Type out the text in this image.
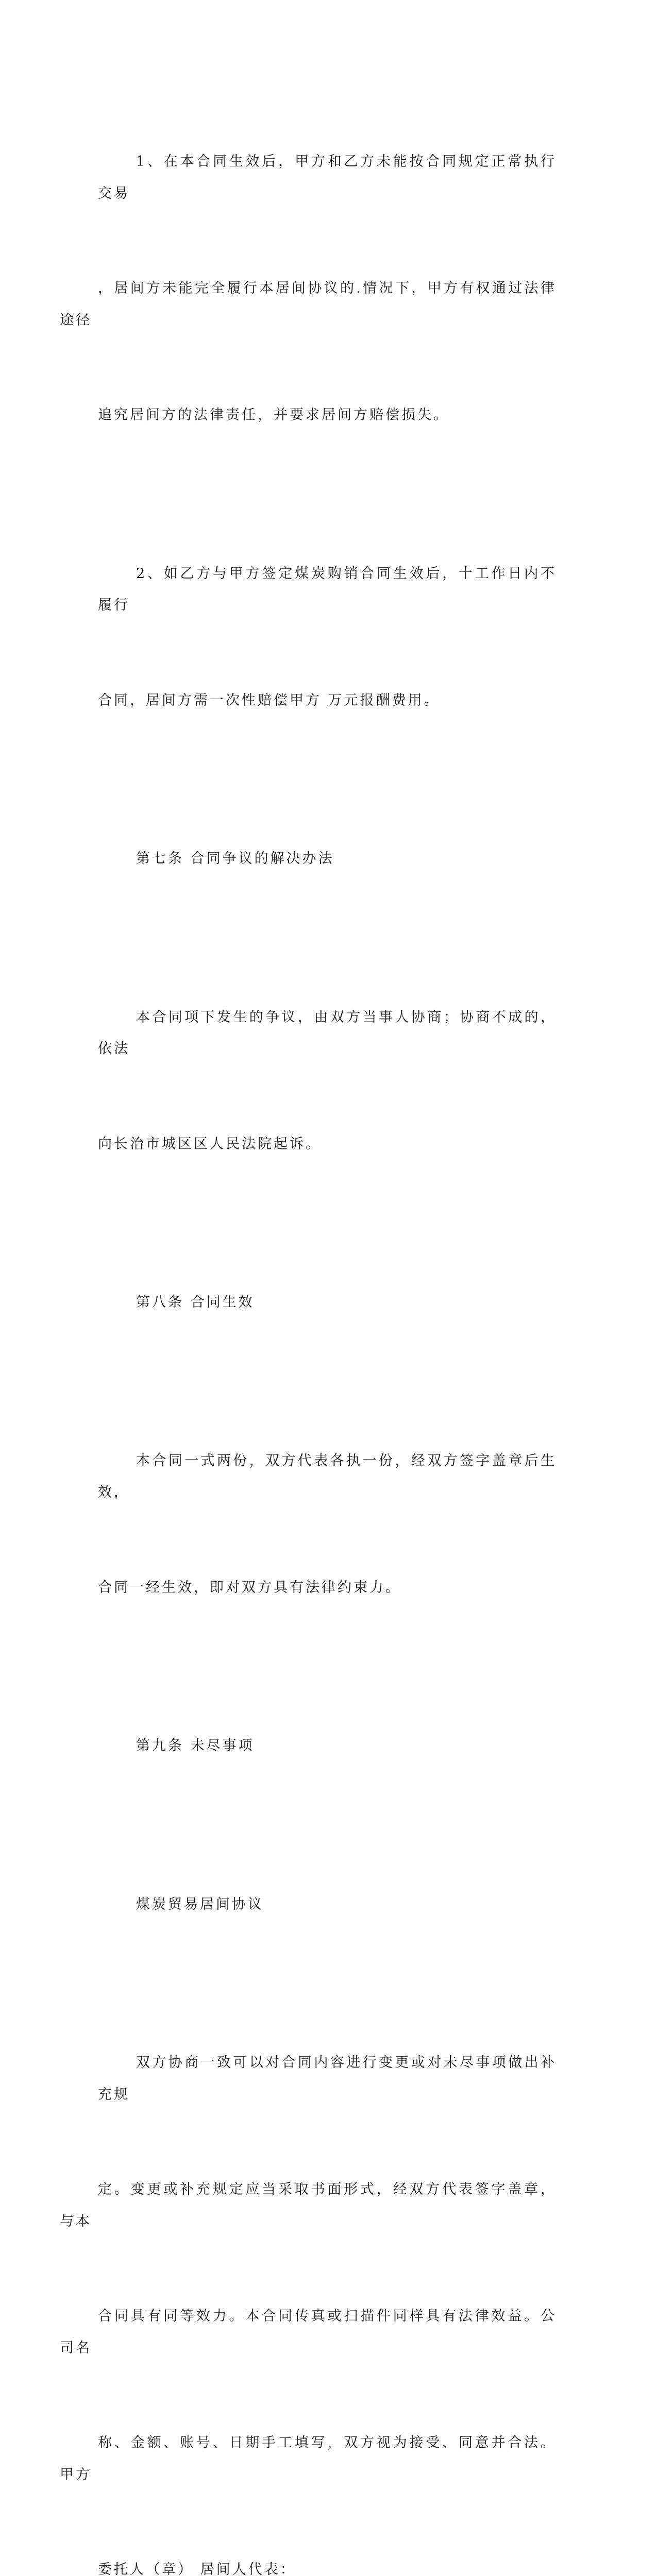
1、在本合同生效后，甲方和乙方未能按合同规定正常执行交易

，居间方未能完全履行本居间协议的.情况下，甲方有权通过法律途径

追究居间方的法律责任，并要求居间方赔偿损失。

2、如乙方与甲方签定煤炭购销合同生效后，十工作日内不履行

合同，居间方需一次性赔偿甲方 万元报酬费用。

第七条 合同争议的解决办法

本合同项下发生的争议，由双方当事人协商；协商不成的，依法

向长治市城区区人民法院起诉。

第八条 合同生效

本合同一式两份，双方代表各执一份，经双方签字盖章后生效，

合同一经生效，即对双方具有法律约束力。

第九条 未尽事项

煤炭贸易居间协议

双方协商一致可以对合同内容进行变更或对未尽事项做出补充规

定。变更或补充规定应当采取书面形式，经双方代表签字盖章，与本

合同具有同等效力。本合同传真或扫描件同样具有法律效益。公司名

称、金额、账号、日期手工填写，双方视为接受、同意并合法。 甲方

委托人（章） 居间人代表：
